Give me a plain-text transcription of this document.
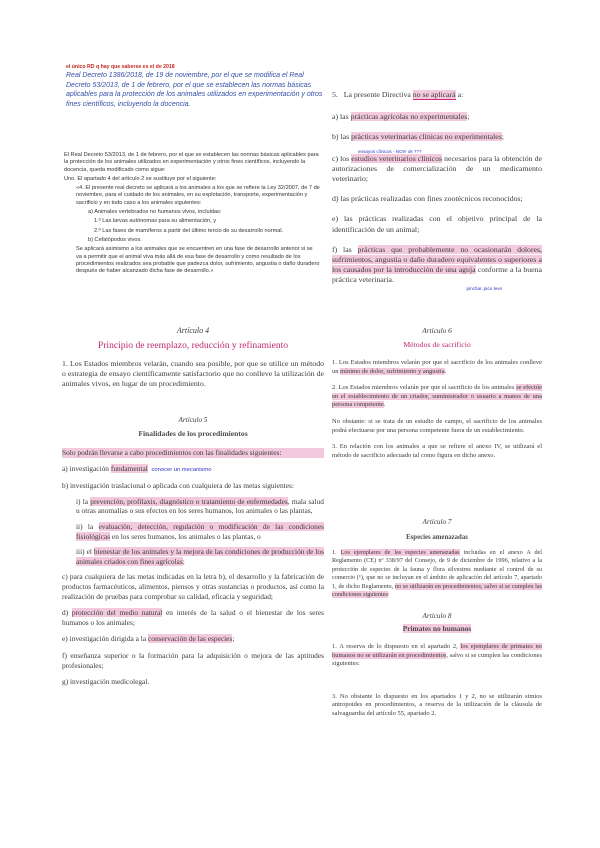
el único RD q hay que saberse es el de 2018
Real Decreto 1386/2018, de 19 de noviembre, por el que se modifica el Real Decreto 53/2013, de 1 de febrero, por el que se establecen las normas básicas aplicables para la protección de los animales utilizados en experimentación y otros fines científicos, incluyendo la docencia.

El Real Decreto 53/2013, de 1 de febrero, por el que se establecen las normas básicas aplicables para la protección de los animales utilizados en experimentación y otros fines científicos, incluyendo la docencia, queda modificado como sigue:

Uno. El apartado 4 del artículo 2 se sustituye por el siguiente:

«4. El presente real decreto se aplicará a los animales a los que se refiere la Ley 32/2007, de 7 de noviembre, para el cuidado de los animales, en su explotación, transporte, experimentación y sacrificio y en todo caso a los animales siguientes:

a) Animales vertebrados no humanos vivos, incluidas:

1.º Las larvas autónomas para su alimentación, y

2.º Las fases de mamíferos a partir del último tercio de su desarrollo normal.

b) Cefalópodos vivos.

Se aplicará asimismo a los animales que se encuentren en una fase de desarrollo anterior si se va a permitir que el animal viva más allá de esa fase de desarrollo y como resultado de los procedimientos realizados sea probable que padezca dolor, sufrimiento, angustia o daño duradero después de haber alcanzado dicha fase de desarrollo.»

5. La presente Directiva no se aplicará a:

a) las prácticas agrícolas no experimentales;

b) las prácticas veterinarias clínicas no experimentales;

ensayos clínicos - NO!!! ok ???

c) los estudios veterinarios clínicos necesarios para la obtención de autorizaciones de comercialización de un medicamento veterinario;

d) las prácticas realizadas con fines zootécnicos reconocidos;

e) las prácticas realizadas con el objetivo principal de la identificación de un animal;

f) las prácticas que probablemente no ocasionarán dolores, sufrimientos, angustia o daño duradero equivalentes o superiores a los causados por la introducción de una aguja conforme a la buena práctica veterinaria.

pinchar, pico leve

Artículo 4

Principio de reemplazo, reducción y refinamiento

1. Los Estados miembros velarán, cuando sea posible, por que se utilice un método o estrategia de ensayo científicamente satisfactorio que no conlleve la utilización de animales vivos, en lugar de un procedimiento.

Artículo 5

Finalidades de los procedimientos

Solo podrán llevarse a cabo procedimientos con las finalidades siguientes:

a) investigación fundamental conocer un mecanismo

b) investigación traslacional o aplicada con cualquiera de las metas siguientes:

i) la prevención, profilaxis, diagnóstico o tratamiento de enfermedades, mala salud u otras anomalías o sus efectos en los seres humanos, los animales o las plantas,

ii) la evaluación, detección, regulación o modificación de las condiciones fisiológicas en los seres humanos, los animales o las plantas, o

iii) el bienestar de los animales y la mejora de las condiciones de producción de los animales criados con fines agrícolas;

c) para cualquiera de las metas indicadas en la letra b), el desarrollo y la fabricación de productos farmacéuticos, alimentos, piensos y otras sustancias o productos, así como la realización de pruebas para comprobar su calidad, eficacia y seguridad;

d) protección del medio natural en interés de la salud o el bienestar de los seres humanos o los animales;

e) investigación dirigida a la conservación de las especies;

f) enseñanza superior o la formación para la adquisición o mejora de las aptitudes profesionales;

g) investigación medicolegal.

Artículo 6

Métodos de sacrificio

1. Los Estados miembros velarán por que el sacrificio de los animales conlleve un mínimo de dolor, sufrimiento y angustia.

2. Los Estados miembros velarán por que el sacrificio de los animales se efectúe en el establecimiento de un criador, suministrador o usuario a manos de una persona competente.

No obstante: si se trata de un estudio de campo, el sacrificio de los animales podrá efectuarse por una persona competente fuera de un establecimiento.

3. En relación con los animales a que se refiere el anexo IV, se utilizará el método de sacrificio adecuado tal como figura en dicho anexo.

Artículo 7

Especies amenazadas

1. Los ejemplares de las especies amenazadas incluidas en el anexo A del Reglamento (CE) nº 338/97 del Consejo, de 9 de diciembre de 1996, relativo a la protección de especies de la fauna y flora silvestres mediante el control de su comercio (¹), que no se incluyan en el ámbito de aplicación del artículo 7, apartado 1, de dicho Reglamento, no se utilizarán en procedimientos, salvo si se cumplen las condiciones siguientes:

Artículo 8

Primates no humanos

1. A reserva de lo dispuesto en el apartado 2, los ejemplares de primates no humanos no se utilizarán en procedimientos, salvo si se cumplen las condiciones siguientes:

3. No obstante lo dispuesto en los apartados 1 y 2, no se utilizarán simios antropoides en procedimientos, a reserva de la utilización de la cláusula de salvaguardia del artículo 55, apartado 2.
